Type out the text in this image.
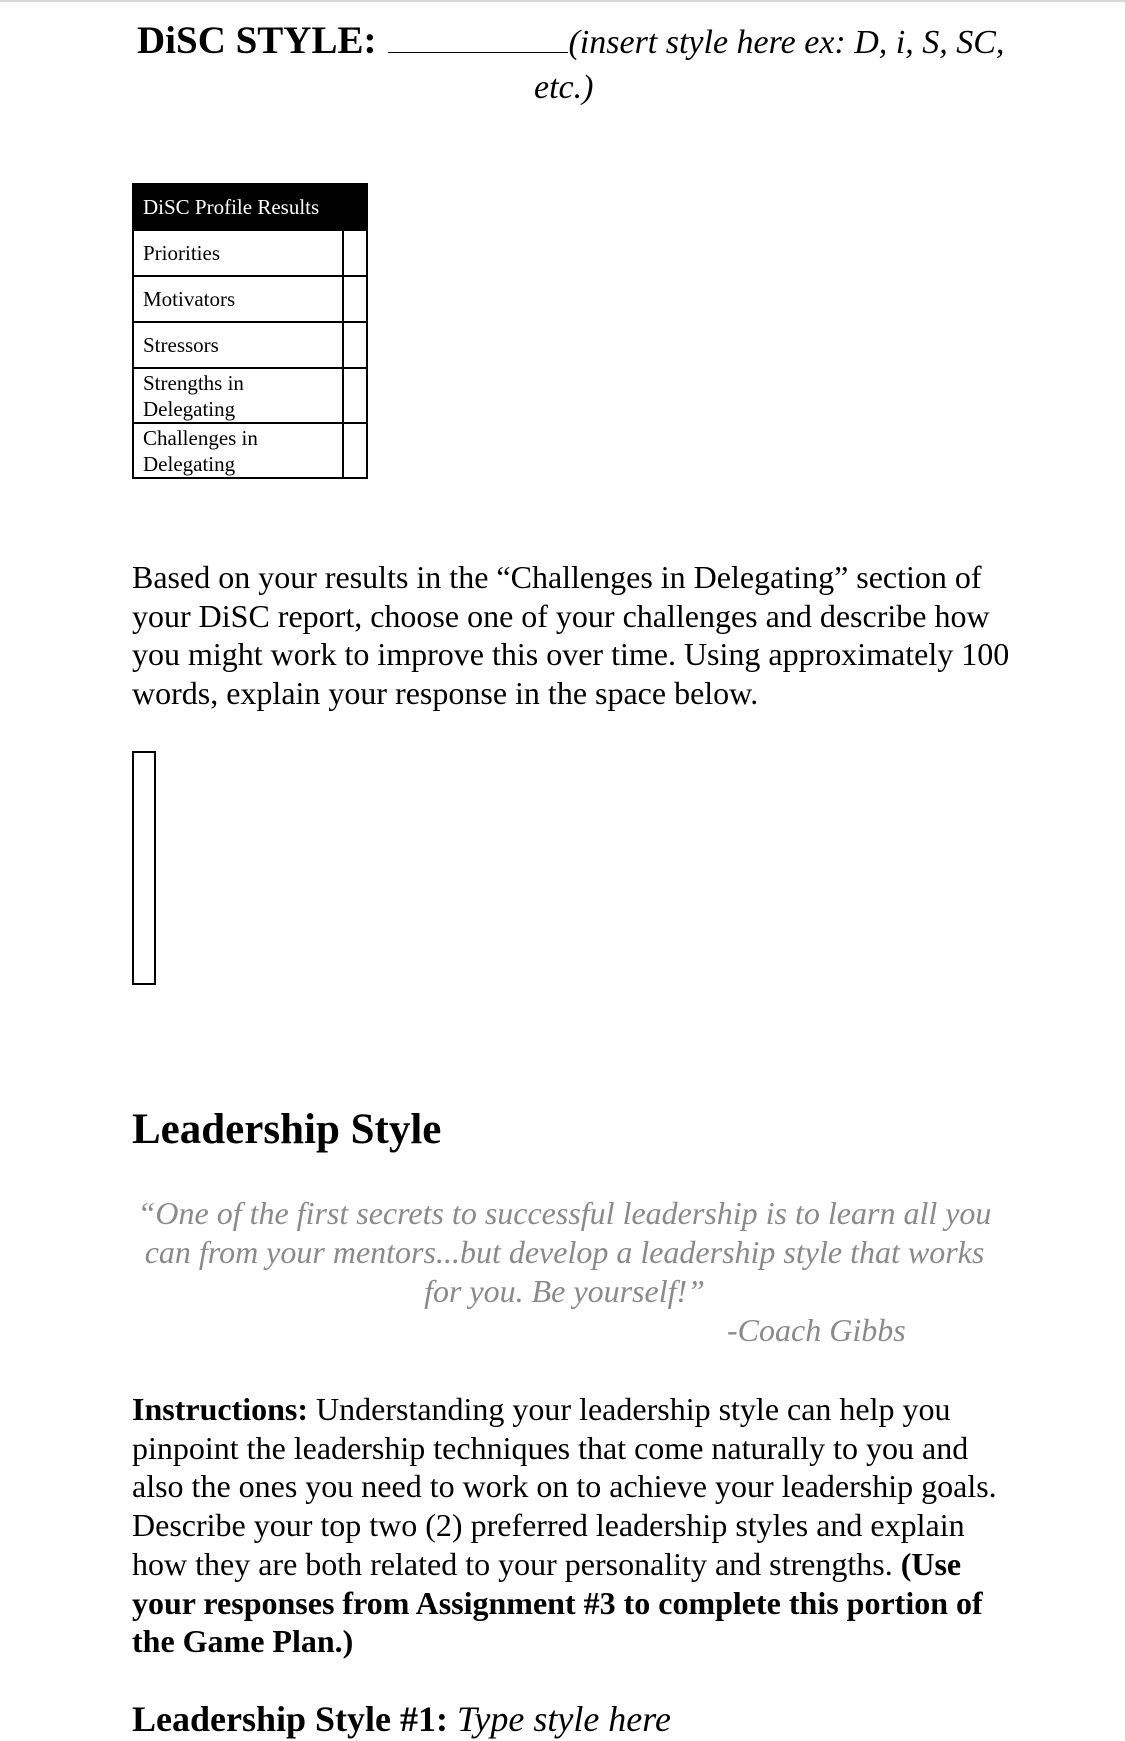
DiSC STYLE:	(insert style here ex: D, i, S, SC,
etc.)
DiSC Profile Results	
Priorities	
Motivators	
Stressors	
Strengths in
Delegating	
Challenges in
Delegating	
Based on your results in the “Challenges in Delegating” section of your DiSC report, choose one of your challenges and describe how you might work to improve this over time. Using approximately 100 words, explain your response in the space below.
Leadership Style
“One of the first secrets to successful leadership is to learn all you can from your mentors...but develop a leadership style that works for you. Be yourself!”
-Coach Gibbs
Instructions: Understanding your leadership style can help you pinpoint the leadership techniques that come naturally to you and also the ones you need to work on to achieve your leadership goals. Describe your top two (2) preferred leadership styles and explain how they are both related to your personality and strengths. (Use your responses from Assignment #3 to complete this portion of the Game Plan.)
Leadership Style #1: Type style here
